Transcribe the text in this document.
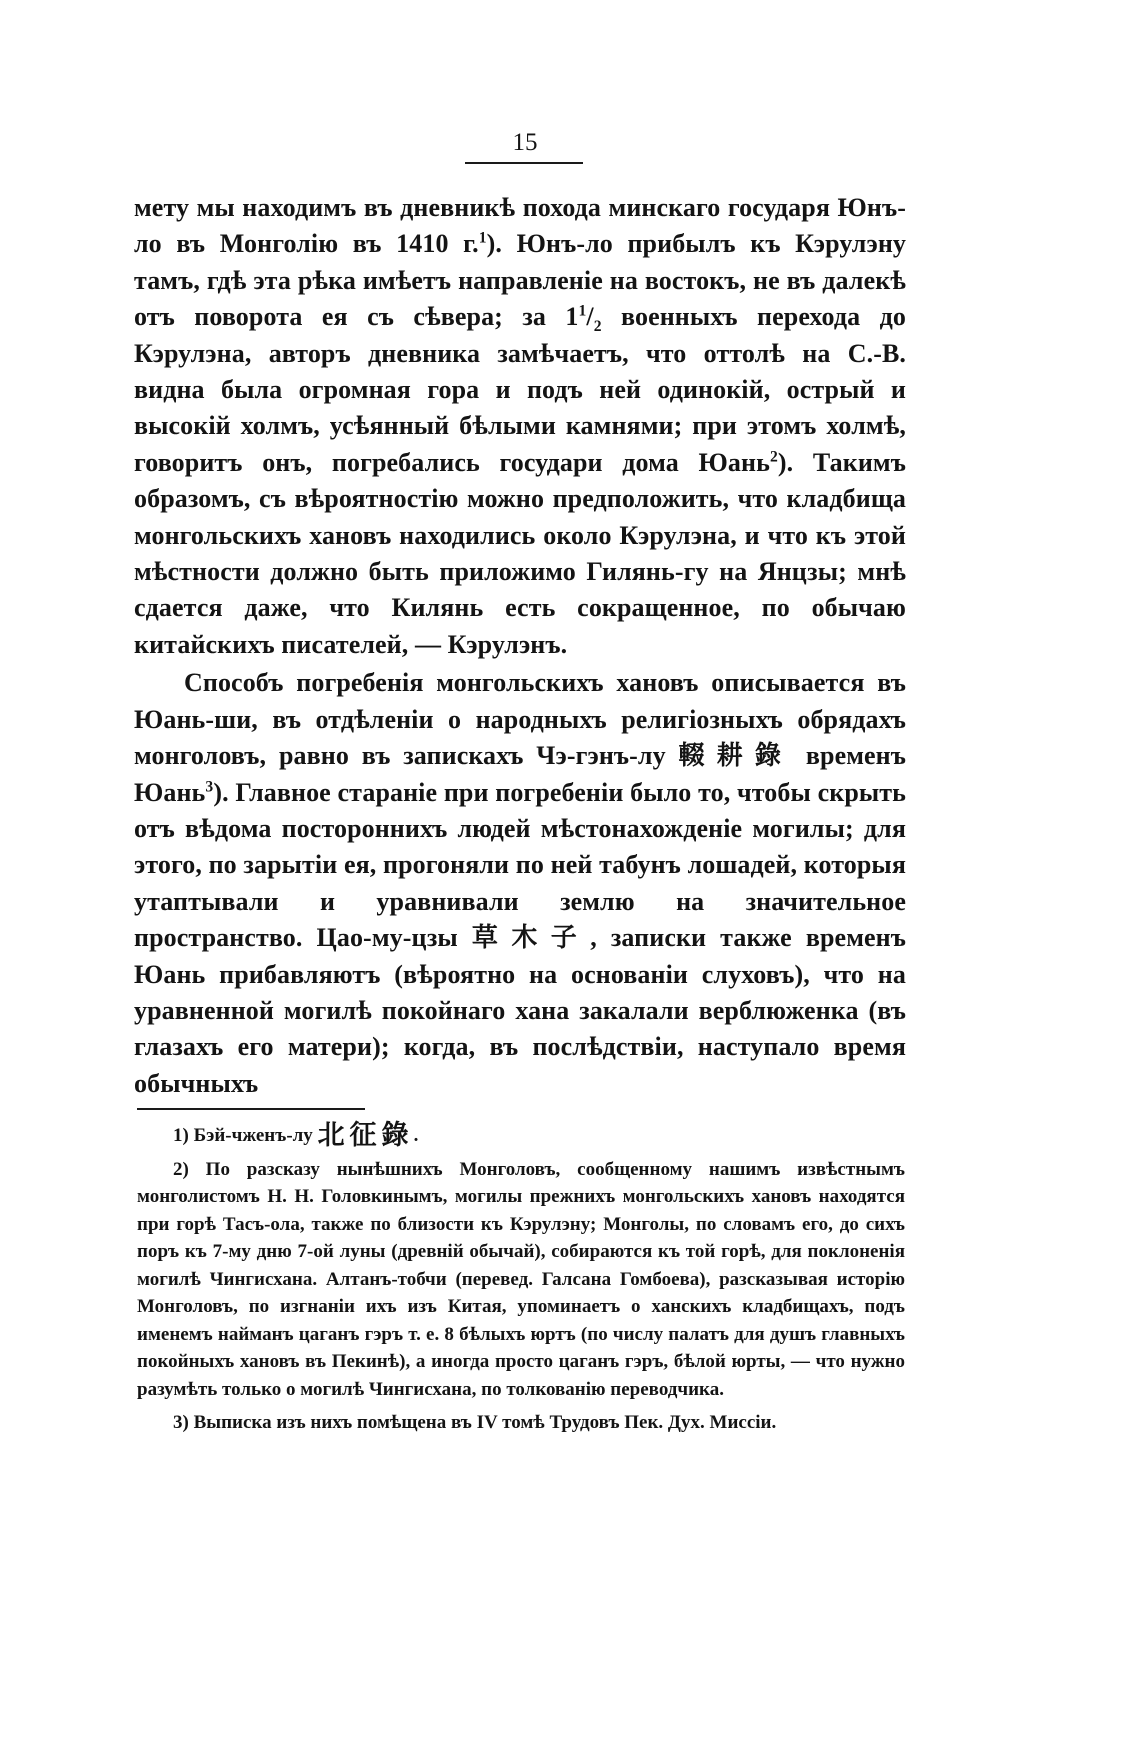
15

мету мы находимъ въ дневникѣ похода минскаго государя Юнъ-ло въ Монголію въ 1410 г.$^1$). Юнъ-ло прибылъ къ Кэрулэну тамъ, гдѣ эта рѣка имѣетъ направленіе на востокъ, не въ далекѣ отъ поворота ея съ сѣвера; за $1^1/_2$ военныхъ перехода до Кэрулэна, авторъ дневника замѣчаетъ, что оттолѣ на С.-В. видна была огромная гора и подъ ней одинокій, острый и высокій холмъ, усѣянный бѣлыми камнями; при этомъ холмѣ, говоритъ онъ, погребались государи дома Юань$^2$). Такимъ образомъ, съ вѣроятностію можно предположить, что кладбища монгольскихъ хановъ находились около Кэрулэна, и что къ этой мѣстности должно быть приложимо Гилянь-гу на Янцзы; мнѣ сдается даже, что Килянь есть сокращенное, по обычаю китайскихъ писателей, — Кэрулэнъ.

Способъ погребенія монгольскихъ хановъ описывается въ Юань-ши, въ отдѣленіи о народныхъ религіозныхъ обрядахъ монголовъ, равно въ запискахъ Чэ-гэнъ-лу 輟耕錄 временъ Юань$^3$). Главное стараніе при погребеніи было то, чтобы скрыть отъ вѣдома постороннихъ людей мѣстонахожденіе могилы; для этого, по зарытіи ея, прогоняли по ней табунъ лошадей, которыя утаптывали и уравнивали землю на значительное пространство. Цао-му-цзы 草木子, записки также временъ Юань прибавляютъ (вѣроятно на основаніи слуховъ), что на уравненной могилѣ покойнаго хана закалали верблюженка (въ глазахъ его матери); когда, въ послѣдствіи, наступало время обычныхъ

1) Бэй-чженъ-лу 北征錄.

2) По разсказу нынѣшнихъ Монголовъ, сообщенному нашимъ извѣстнымъ монголистомъ Н. Н. Головкинымъ, могилы прежнихъ монгольскихъ хановъ находятся при горѣ Тасъ-ола, также по близости къ Кэрулэну; Монголы, по словамъ его, до сихъ поръ къ 7-му дню 7-ой луны (древній обычай), собираются къ той горѣ, для поклоненія могилѣ Чингисхана. Алтанъ-тобчи (перевед. Галсана Гомбоева), разсказывая исторію Монголовъ, по изгнаніи ихъ изъ Китая, упоминаетъ о ханскихъ кладбищахъ, подъ именемъ найманъ цаганъ гэръ т. е. 8 бѣлыхъ юртъ (по числу палатъ для душъ главныхъ покойныхъ хановъ въ Пекинѣ), а иногда просто цаганъ гэръ, бѣлой юрты, — что нужно разумѣть только о могилѣ Чингисхана, по толкованію переводчика.

3) Выписка изъ нихъ помѣщена въ IV томѣ Трудовъ Пек. Дух. Миссіи.
